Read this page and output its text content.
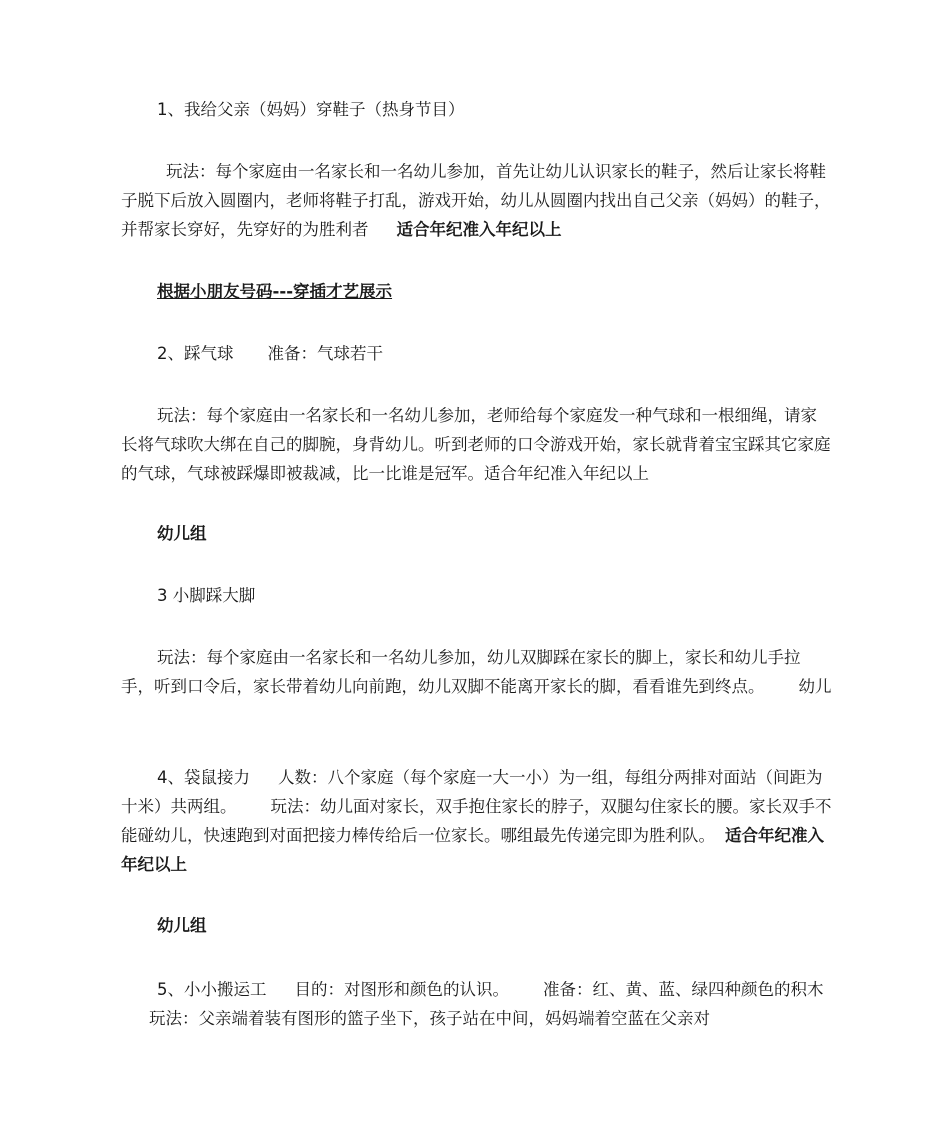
1、我给父亲（妈妈）穿鞋子（热身节目）

玩法：每个家庭由一名家长和一名幼儿参加，首先让幼儿认识家长的鞋子，然后让家长将鞋子脱下后放入圆圈内，老师将鞋子打乱，游戏开始，幼儿从圆圈内找出自己父亲（妈妈）的鞋子，并帮家长穿好，先穿好的为胜利者 适合年纪准入年纪以上

根据小朋友号码---穿插才艺展示

2、踩气球 准备：气球若干

玩法：每个家庭由一名家长和一名幼儿参加，老师给每个家庭发一种气球和一根细绳，请家长将气球吹大绑在自己的脚腕，身背幼儿。听到老师的口令游戏开始，家长就背着宝宝踩其它家庭的气球，气球被踩爆即被裁减，比一比谁是冠军。适合年纪准入年纪以上

幼儿组

3 小脚踩大脚

玩法：每个家庭由一名家长和一名幼儿参加，幼儿双脚踩在家长的脚上，家长和幼儿手拉手，听到口令后，家长带着幼儿向前跑，幼儿双脚不能离开家长的脚，看看谁先到终点。 幼儿

4、袋鼠接力 人数：八个家庭（每个家庭一大一小）为一组，每组分两排对面站（间距为十米）共两组。 玩法：幼儿面对家长，双手抱住家长的脖子，双腿勾住家长的腰。家长双手不能碰幼儿，快速跑到对面把接力棒传给后一位家长。哪组最先传递完即为胜利队。 适合年纪准入年纪以上

幼儿组

5、小小搬运工 目的：对图形和颜色的认识。 准备：红、黄、蓝、绿四种颜色的积木玩法：父亲端着装有图形的篮子坐下，孩子站在中间，妈妈端着空蓝在父亲对
